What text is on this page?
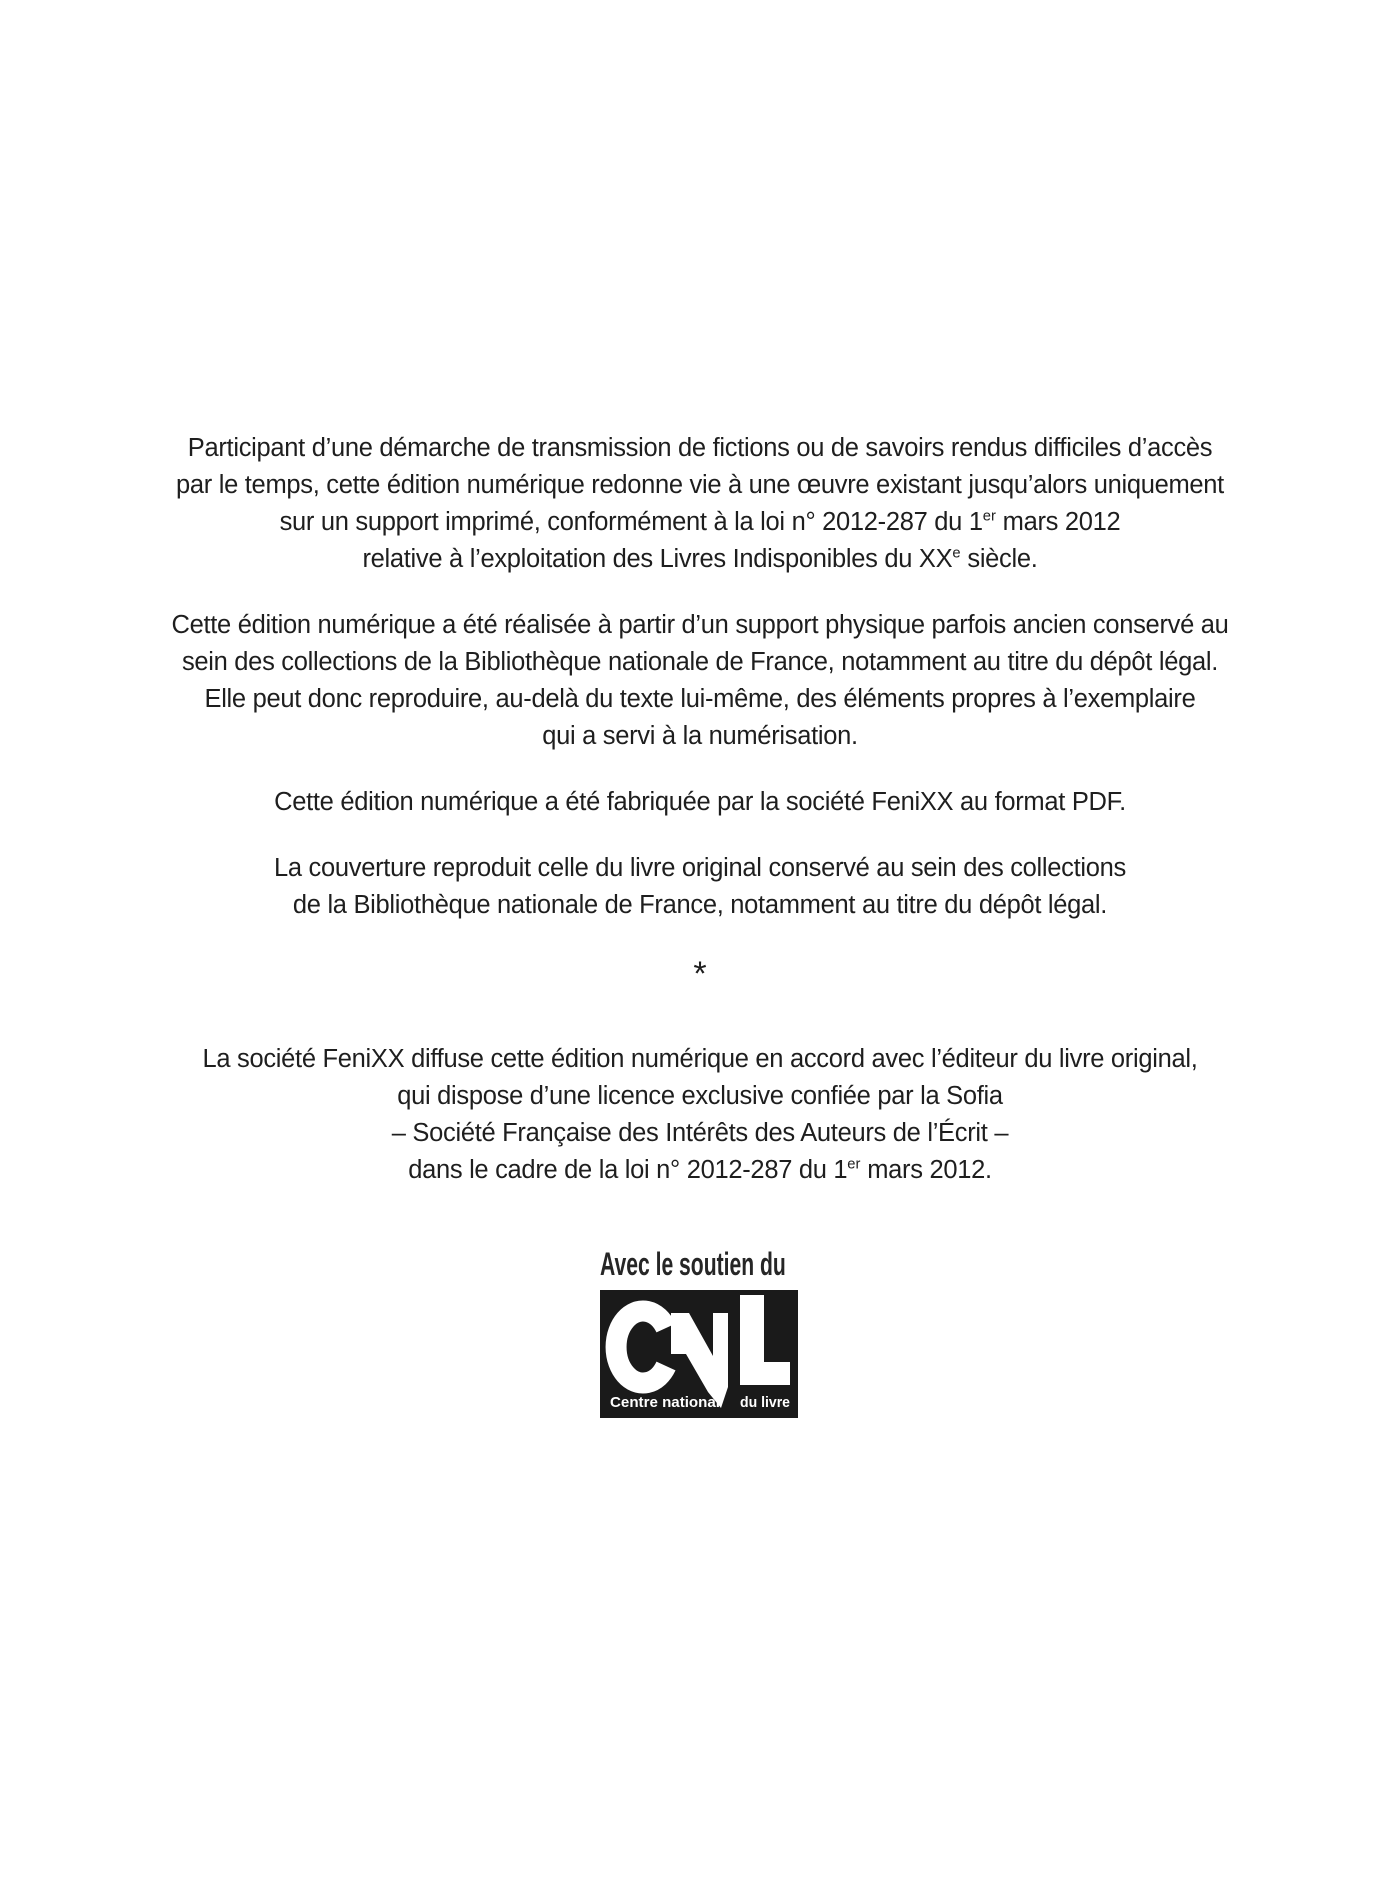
Participant d’une démarche de transmission de fictions ou de savoirs rendus difficiles d’accès
par le temps, cette édition numérique redonne vie à une œuvre existant jusqu’alors uniquement
sur un support imprimé, conformément à la loi n° 2012-287 du 1er mars 2012
relative à l’exploitation des Livres Indisponibles du XXe siècle.
Cette édition numérique a été réalisée à partir d’un support physique parfois ancien conservé au
sein des collections de la Bibliothèque nationale de France, notamment au titre du dépôt légal.
Elle peut donc reproduire, au-delà du texte lui-même, des éléments propres à l’exemplaire
qui a servi à la numérisation.
Cette édition numérique a été fabriquée par la société FeniXX au format PDF.
La couverture reproduit celle du livre original conservé au sein des collections
de la Bibliothèque nationale de France, notamment au titre du dépôt légal.
*
La société FeniXX diffuse cette édition numérique en accord avec l’éditeur du livre original,
qui dispose d’une licence exclusive confiée par la Sofia
– Société Française des Intérêts des Auteurs de l’Écrit –
dans le cadre de la loi n° 2012-287 du 1er mars 2012.
Avec le soutien du
Centre national du livre
